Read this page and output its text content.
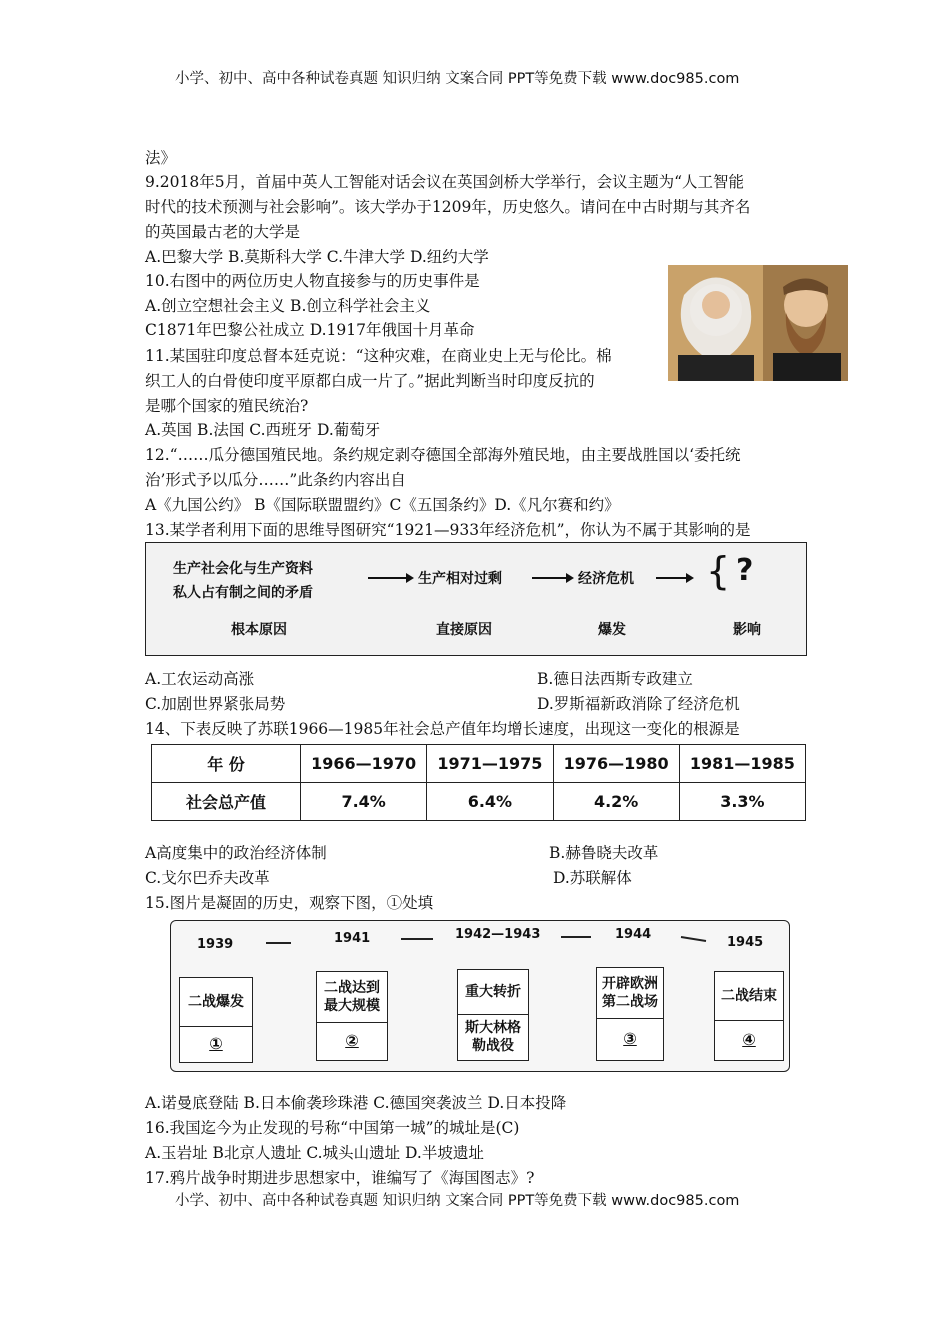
小学、初中、高中各种试卷真题 知识归纳 文案合同 PPT等免费下载 www.doc985.com
法》
9.2018年5月，首届中英人工智能对话会议在英国剑桥大学举行，会议主题为“人工智能
时代的技术预测与社会影响”。该大学办于1209年，历史悠久。请问在中古时期与其齐名
的英国最古老的大学是
A.巴黎大学 B.莫斯科大学 C.牛津大学 D.纽约大学
10.右图中的两位历史人物直接参与的历史事件是
A.创立空想社会主义 B.创立科学社会主义
C1871年巴黎公社成立 D.1917年俄国十月革命
11.某国驻印度总督本廷克说：“这种灾难，在商业史上无与伦比。棉
织工人的白骨使印度平原都白成一片了。”据此判断当时印度反抗的
是哪个国家的殖民统治?
A.英国 B.法国 C.西班牙 D.葡萄牙
12.“……瓜分德国殖民地。条约规定剥夺德国全部海外殖民地，由主要战胜国以‘委托统
治’形式予以瓜分……”此条约内容出自
A《九国公约》 B《国际联盟盟约》C《五国条约》D.《凡尔赛和约》
13.某学者利用下面的思维导图研究“1921—933年经济危机”，你认为不属于其影响的是
生产社会化与生产资料
私人占有制之间的矛盾
生产相对过剩	经济危机 { ?
根本原因	直接原因	爆发	影响
A.工农运动高涨	B.德日法西斯专政建立
C.加剧世界紧张局势	D.罗斯福新政消除了经济危机
14、下表反映了苏联1966—1985年社会总产值年均增长速度，出现这一变化的根源是
年 份	1966—1970	1971—1975	1976—1980	1981—1985
社会总产值	7.4%	6.4%	4.2%	3.3%
A高度集中的政治经济体制	B.赫鲁晓夫改革
C.戈尔巴乔夫改革	D.苏联解体
15.图片是凝固的历史，观察下图，①处填
1939	1941	1942—1943	1944
1945
二战爆发
①
二战达到最大规模
②
重大转折
斯大林格勒战役
开辟欧洲第二战场
③
二战结束
④
A.诺曼底登陆 B.日本偷袭珍珠港 C.德国突袭波兰 D.日本投降
16.我国迄今为止发现的号称“中国第一城”的城址是(C)
A.玉岩址 B北京人遗址 C.城头山遗址 D.半坡遗址
17.鸦片战争时期进步思想家中，谁编写了《海国图志》?
小学、初中、高中各种试卷真题 知识归纳 文案合同 PPT等免费下载 www.doc985.com
